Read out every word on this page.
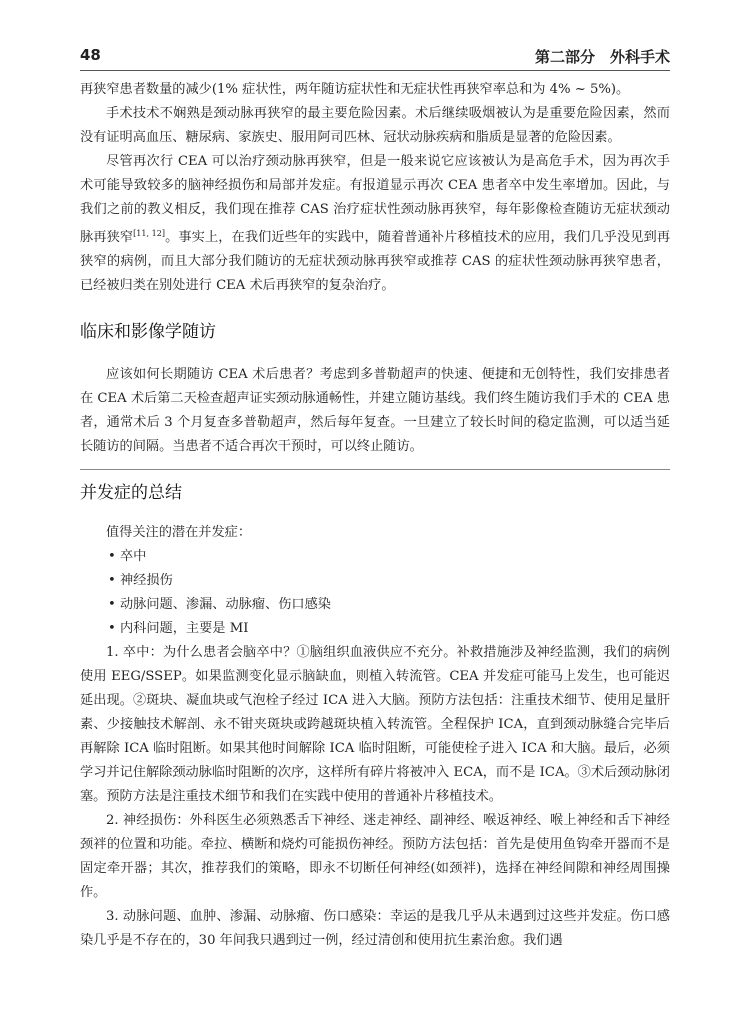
48	第二部分　外科手术

再狭窄患者数量的减少(1% 症状性，两年随访症状性和无症状性再狭窄率总和为 4% ~ 5%)。

手术技术不娴熟是颈动脉再狭窄的最主要危险因素。术后继续吸烟被认为是重要危险因素，然而没有证明高血压、糖尿病、家族史、服用阿司匹林、冠状动脉疾病和脂质是显著的危险因素。

尽管再次行 CEA 可以治疗颈动脉再狭窄，但是一般来说它应该被认为是高危手术，因为再次手术可能导致较多的脑神经损伤和局部并发症。有报道显示再次 CEA 患者卒中发生率增加。因此，与我们之前的教义相反，我们现在推荐 CAS 治疗症状性颈动脉再狭窄，每年影像检查随访无症状颈动脉再狭窄[11, 12]。事实上，在我们近些年的实践中，随着普通补片移植技术的应用，我们几乎没见到再狭窄的病例，而且大部分我们随访的无症状颈动脉再狭窄或推荐 CAS 的症状性颈动脉再狭窄患者，已经被归类在别处进行 CEA 术后再狭窄的复杂治疗。

临床和影像学随访

应该如何长期随访 CEA 术后患者？考虑到多普勒超声的快速、便捷和无创特性，我们安排患者在 CEA 术后第二天检查超声证实颈动脉通畅性，并建立随访基线。我们终生随访我们手术的 CEA 患者，通常术后 3 个月复查多普勒超声，然后每年复查。一旦建立了较长时间的稳定监测，可以适当延长随访的间隔。当患者不适合再次干预时，可以终止随访。

并发症的总结

值得关注的潜在并发症：

• 卒中
• 神经损伤
• 动脉问题、渗漏、动脉瘤、伤口感染
• 内科问题，主要是 MI

1. 卒中：为什么患者会脑卒中？①脑组织血液供应不充分。补救措施涉及神经监测，我们的病例使用 EEG/SSEP。如果监测变化显示脑缺血，则植入转流管。CEA 并发症可能马上发生，也可能迟延出现。②斑块、凝血块或气泡栓子经过 ICA 进入大脑。预防方法包括：注重技术细节、使用足量肝素、少接触技术解剖、永不钳夹斑块或跨越斑块植入转流管。全程保护 ICA，直到颈动脉缝合完毕后再解除 ICA 临时阻断。如果其他时间解除 ICA 临时阻断，可能使栓子进入 ICA 和大脑。最后，必须学习并记住解除颈动脉临时阻断的次序，这样所有碎片将被冲入 ECA，而不是 ICA。③术后颈动脉闭塞。预防方法是注重技术细节和我们在实践中使用的普通补片移植技术。

2. 神经损伤：外科医生必须熟悉舌下神经、迷走神经、副神经、喉返神经、喉上神经和舌下神经颈袢的位置和功能。牵拉、横断和烧灼可能损伤神经。预防方法包括：首先是使用鱼钩牵开器而不是固定牵开器；其次，推荐我们的策略，即永不切断任何神经(如颈袢)，选择在神经间隙和神经周围操作。

3. 动脉问题、血肿、渗漏、动脉瘤、伤口感染：幸运的是我几乎从未遇到过这些并发症。伤口感染几乎是不存在的，30 年间我只遇到过一例，经过清创和使用抗生素治愈。我们遇
